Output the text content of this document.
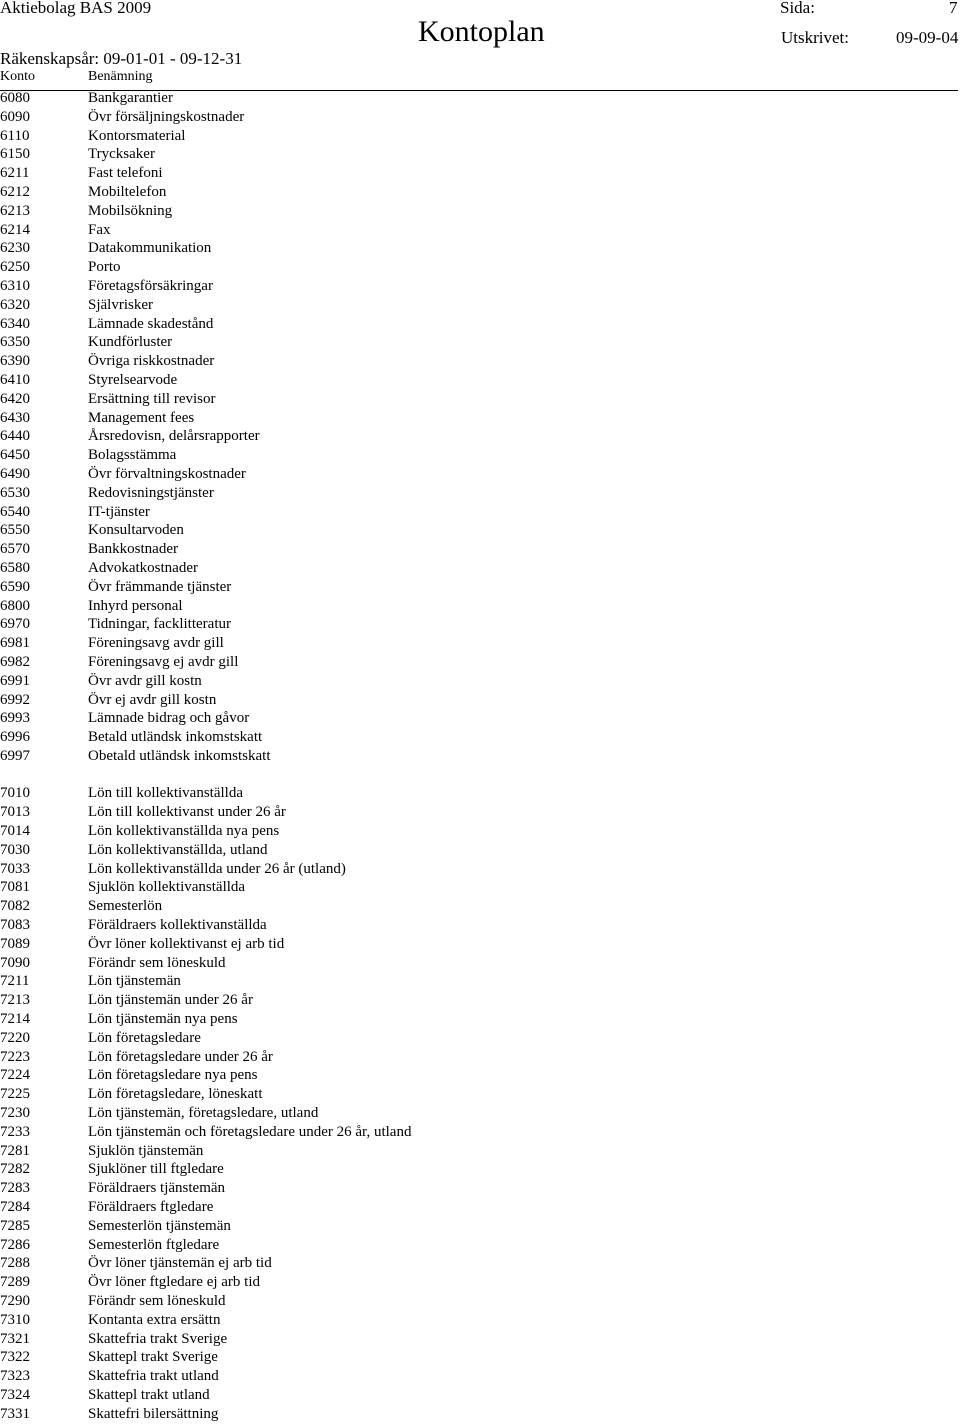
Aktiebolag BAS 2009	Sida:	7
Kontoplan	Utskrivet:	09-09-04
Räkenskapsår: 09-01-01 - 09-12-31
Konto	Benämning
6080	Bankgarantier
6090	Övr försäljningskostnader
6110	Kontorsmaterial
6150	Trycksaker
6211	Fast telefoni
6212	Mobiltelefon
6213	Mobilsökning
6214	Fax
6230	Datakommunikation
6250	Porto
6310	Företagsförsäkringar
6320	Självrisker
6340	Lämnade skadestånd
6350	Kundförluster
6390	Övriga riskkostnader
6410	Styrelsearvode
6420	Ersättning till revisor
6430	Management fees
6440	Årsredovisn, delårsrapporter
6450	Bolagsstämma
6490	Övr förvaltningskostnader
6530	Redovisningstjänster
6540	IT-tjänster
6550	Konsultarvoden
6570	Bankkostnader
6580	Advokatkostnader
6590	Övr främmande tjänster
6800	Inhyrd personal
6970	Tidningar, facklitteratur
6981	Föreningsavg avdr gill
6982	Föreningsavg ej avdr gill
6991	Övr avdr gill kostn
6992	Övr ej avdr gill kostn
6993	Lämnade bidrag och gåvor
6996	Betald utländsk inkomstskatt
6997	Obetald utländsk inkomstskatt
7010	Lön till kollektivanställda
7013	Lön till kollektivanst under 26 år
7014	Lön kollektivanställda nya pens
7030	Lön kollektivanställda, utland
7033	Lön kollektivanställda under 26 år (utland)
7081	Sjuklön kollektivanställda
7082	Semesterlön
7083	Föräldraers kollektivanställda
7089	Övr löner kollektivanst ej arb tid
7090	Förändr sem löneskuld
7211	Lön tjänstemän
7213	Lön tjänstemän under 26 år
7214	Lön tjänstemän nya pens
7220	Lön företagsledare
7223	Lön företagsledare under 26 år
7224	Lön företagsledare nya pens
7225	Lön företagsledare, löneskatt
7230	Lön tjänstemän, företagsledare, utland
7233	Lön tjänstemän och företagsledare under 26 år, utland
7281	Sjuklön tjänstemän
7282	Sjuklöner till ftgledare
7283	Föräldraers tjänstemän
7284	Föräldraers ftgledare
7285	Semesterlön tjänstemän
7286	Semesterlön ftgledare
7288	Övr löner tjänstemän ej arb tid
7289	Övr löner ftgledare ej arb tid
7290	Förändr sem löneskuld
7310	Kontanta extra ersättn
7321	Skattefria trakt Sverige
7322	Skattepl trakt Sverige
7323	Skattefria trakt utland
7324	Skattepl trakt utland
7331	Skattefri bilersättning
